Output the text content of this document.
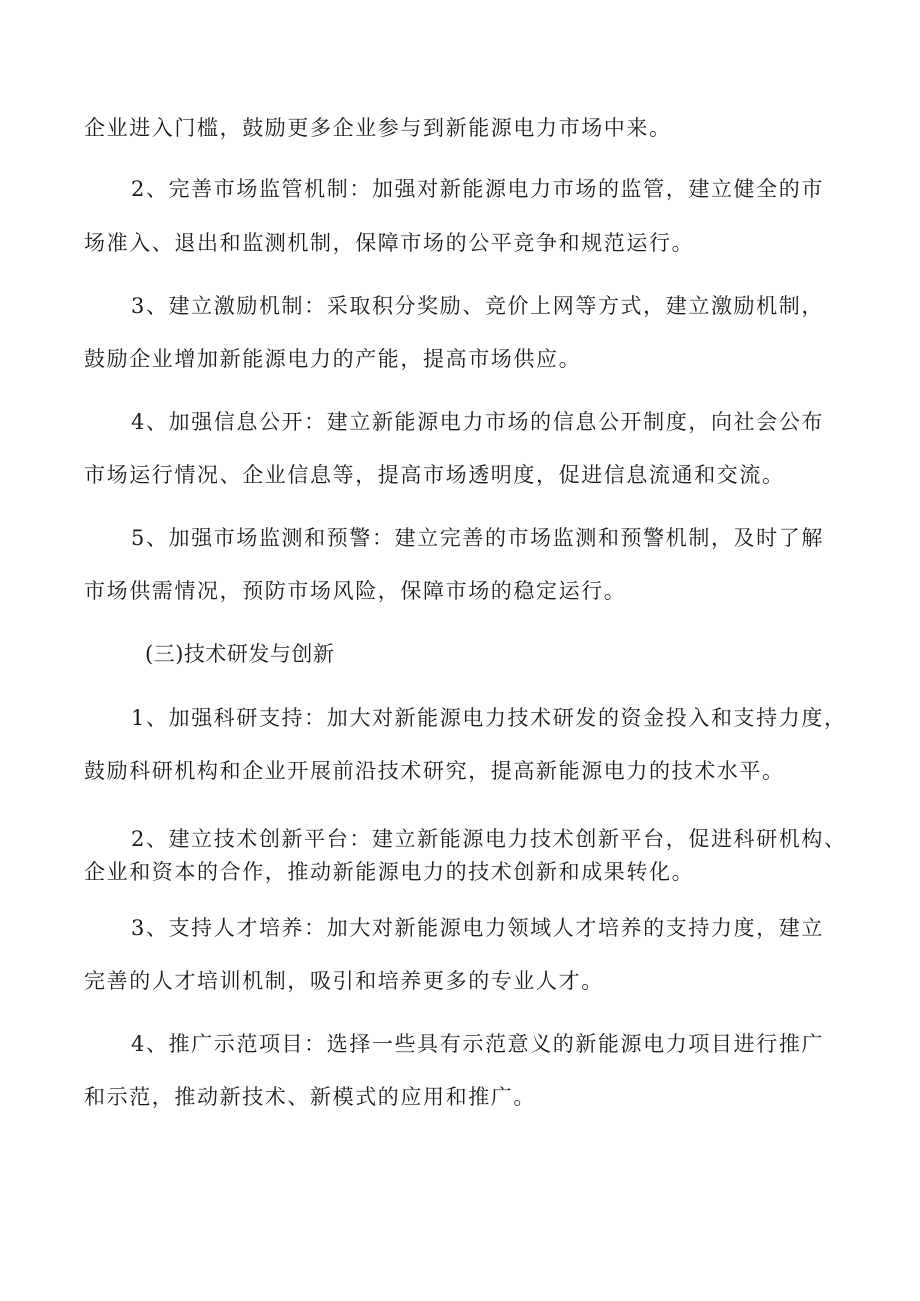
企业进入门槛，鼓励更多企业参与到新能源电力市场中来。
2、完善市场监管机制：加强对新能源电力市场的监管，建立健全的市
场准入、退出和监测机制，保障市场的公平竞争和规范运行。
3、建立激励机制：采取积分奖励、竞价上网等方式，建立激励机制，
鼓励企业增加新能源电力的产能，提高市场供应。
4、加强信息公开：建立新能源电力市场的信息公开制度，向社会公布
市场运行情况、企业信息等，提高市场透明度，促进信息流通和交流。
5、加强市场监测和预警：建立完善的市场监测和预警机制，及时了解
市场供需情况，预防市场风险，保障市场的稳定运行。
(三)技术研发与创新
1、加强科研支持：加大对新能源电力技术研发的资金投入和支持力度，
鼓励科研机构和企业开展前沿技术研究，提高新能源电力的技术水平。
2、建立技术创新平台：建立新能源电力技术创新平台，促进科研机构、
企业和资本的合作，推动新能源电力的技术创新和成果转化。
3、支持人才培养：加大对新能源电力领域人才培养的支持力度，建立
完善的人才培训机制，吸引和培养更多的专业人才。
4、推广示范项目：选择一些具有示范意义的新能源电力项目进行推广
和示范，推动新技术、新模式的应用和推广。
